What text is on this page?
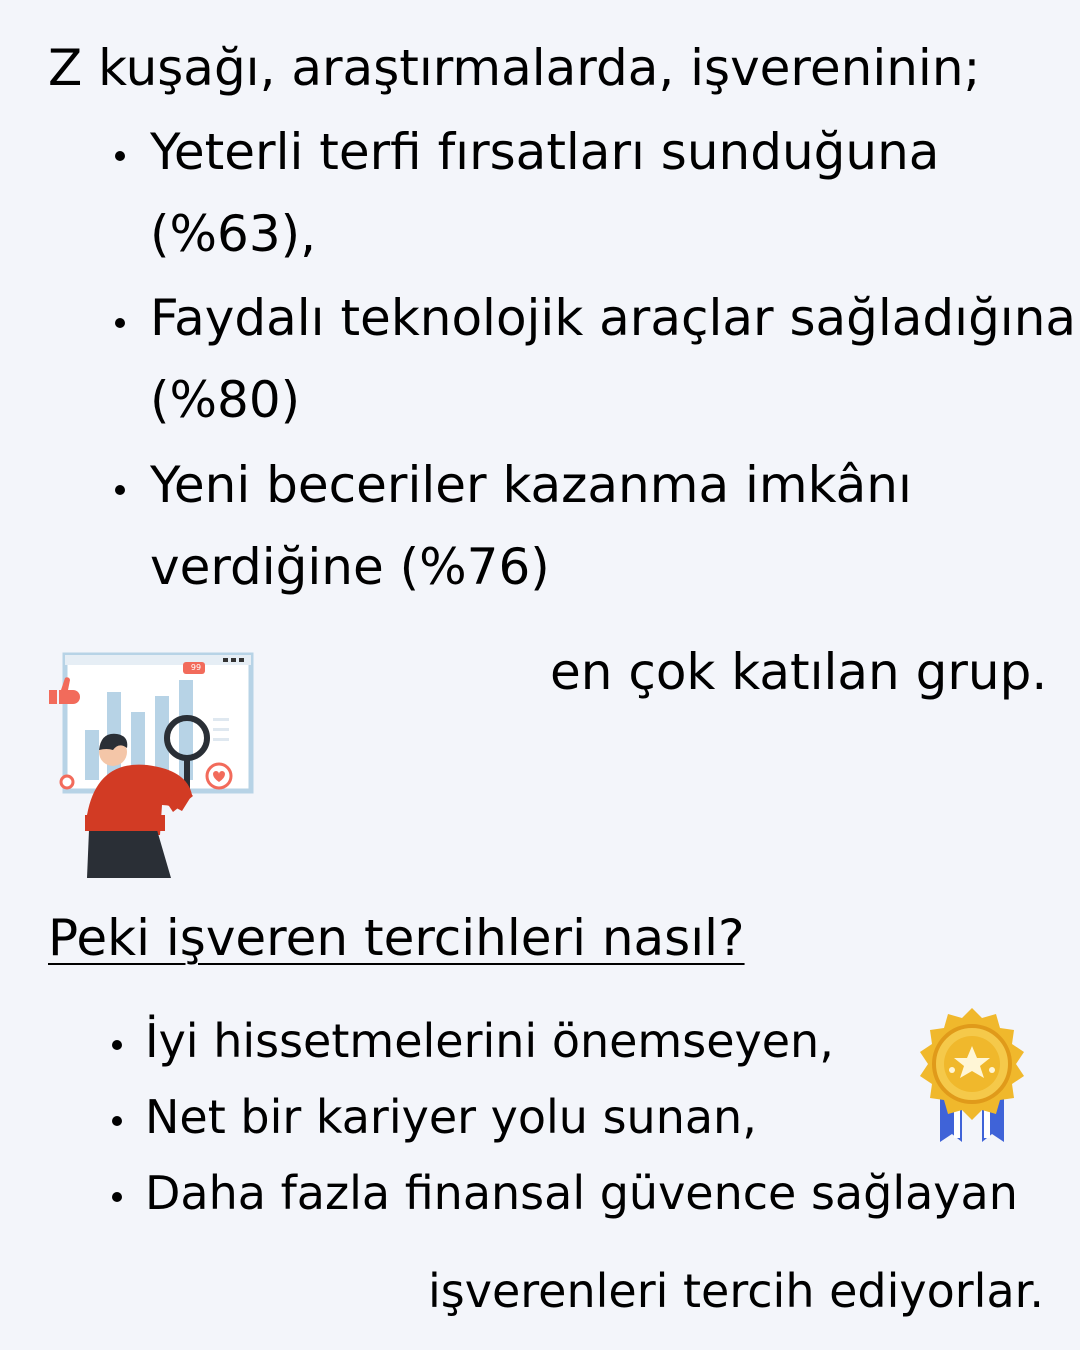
Z kuşağı, araştırmalarda, işvereninin;
Yeterli terfi fırsatları sunduğuna
(%63),
Faydalı teknolojik araçlar sağladığına
(%80)
Yeni beceriler kazanma imkânı
verdiğine (%76)
99	en çok katılan grup.
Peki işveren tercihleri nasıl?
İyi hissetmelerini önemseyen,
Net bir kariyer yolu sunan,
Daha fazla finansal güvence sağlayan
işverenleri tercih ediyorlar.
